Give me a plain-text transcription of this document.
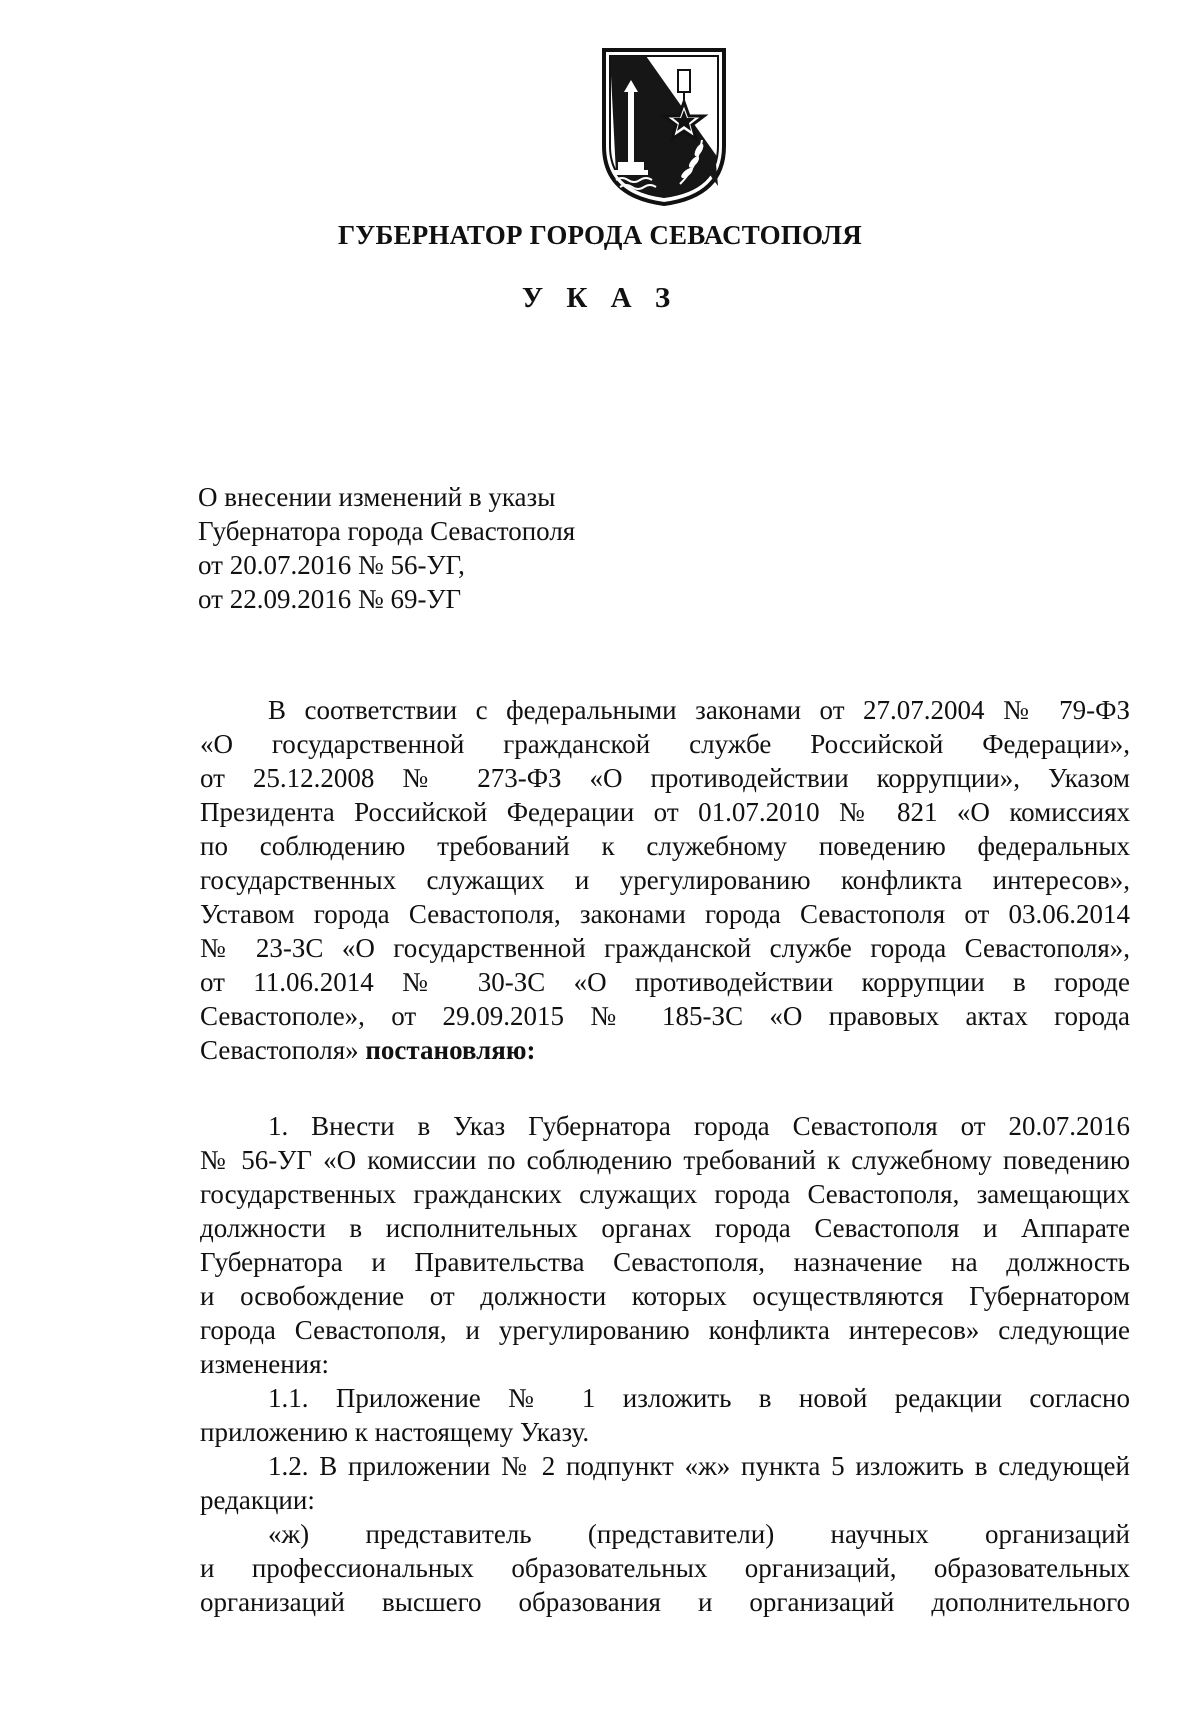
ГУБЕРНАТОР ГОРОДА СЕВАСТОПОЛЯ
У К А З
О внесении изменений в указы
Губернатора города Севастополя
от 20.07.2016 № 56-УГ,
от 22.09.2016 № 69-УГ

В соответствии с федеральными законами от 27.07.2004 № 79-ФЗ

«О государственной гражданской службе Российской Федерации»,

от 25.12.2008 № 273-ФЗ «О противодействии коррупции», Указом

Президента Российской Федерации от 01.07.2010 № 821 «О комиссиях

по соблюдению требований к служебному поведению федеральных

государственных служащих и урегулированию конфликта интересов»,

Уставом города Севастополя, законами города Севастополя от 03.06.2014

№ 23-ЗС «О государственной гражданской службе города Севастополя»,

от 11.06.2014 № 30-ЗС «О противодействии коррупции в городе

Севастополе», от 29.09.2015 № 185-ЗС «О правовых актах города

Севастополя» постановляю:

1. Внести в Указ Губернатора города Севастополя от 20.07.2016

№ 56-УГ «О комиссии по соблюдению требований к служебному поведению

государственных гражданских служащих города Севастополя, замещающих

должности в исполнительных органах города Севастополя и Аппарате

Губернатора и Правительства Севастополя, назначение на должность

и освобождение от должности которых осуществляются Губернатором

города Севастополя, и урегулированию конфликта интересов» следующие

изменения:

1.1. Приложение № 1 изложить в новой редакции согласно

приложению к настоящему Указу.

1.2. В приложении № 2 подпункт «ж» пункта 5 изложить в следующей

редакции:

«ж) представитель (представители) научных организаций

и профессиональных образовательных организаций, образовательных

организаций высшего образования и организаций дополнительного
